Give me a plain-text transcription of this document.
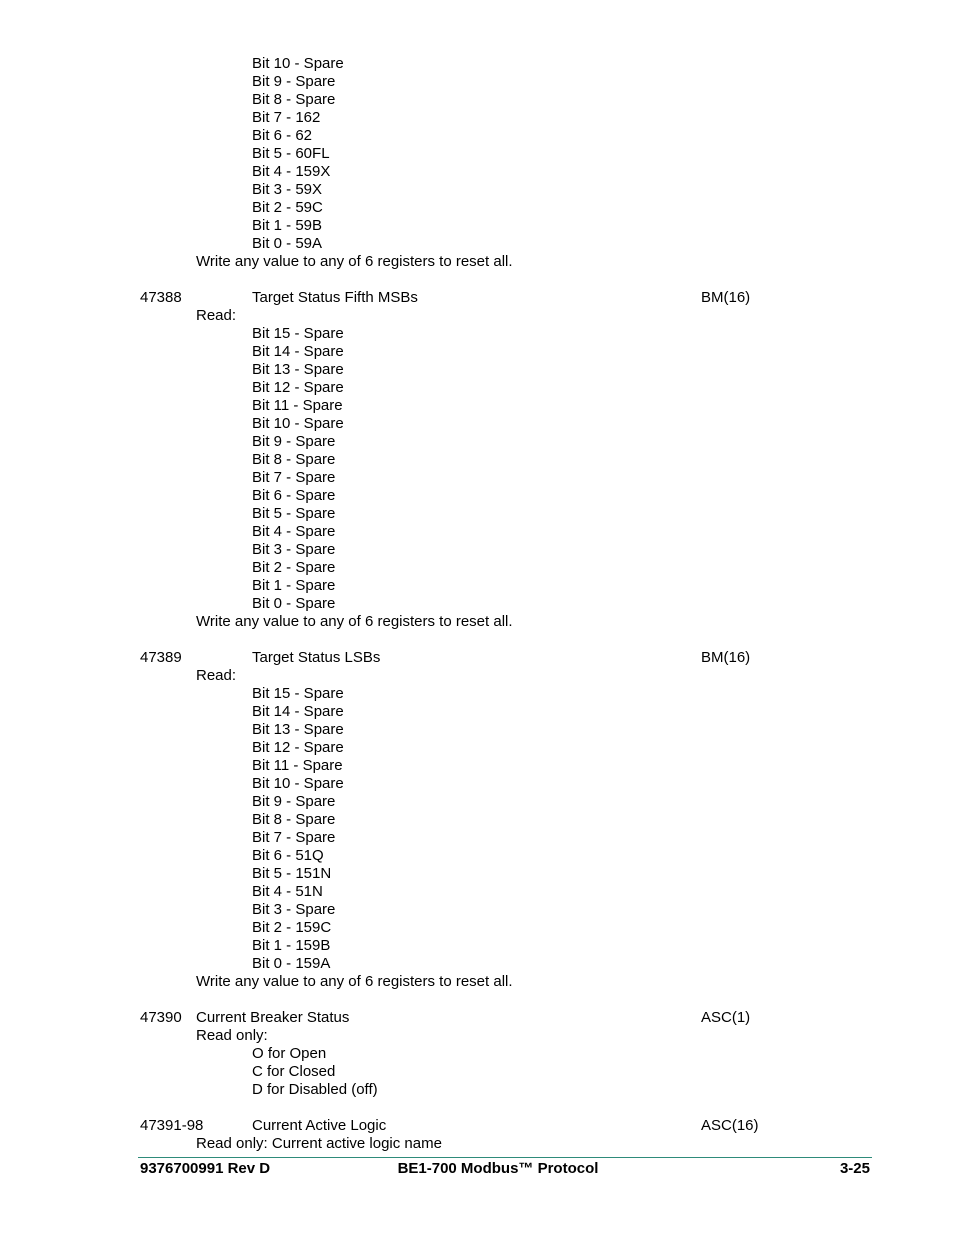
Bit 10 - Spare
Bit 9 - Spare
Bit 8 - Spare
Bit 7 - 162
Bit 6 - 62
Bit 5 - 60FL
Bit 4 - 159X
Bit 3 - 59X
Bit 2 - 59C
Bit 1 - 59B
Bit 0 - 59A
Write any value to any of 6 registers to reset all.
47388	Target Status Fifth MSBs	BM(16)
Read:
Bit 15 - Spare
Bit 14 - Spare
Bit 13 - Spare
Bit 12 - Spare
Bit 11 - Spare
Bit 10 - Spare
Bit 9 - Spare
Bit 8 - Spare
Bit 7 - Spare
Bit 6 - Spare
Bit 5 - Spare
Bit 4 - Spare
Bit 3 - Spare
Bit 2 - Spare
Bit 1 - Spare
Bit 0 - Spare
Write any value to any of 6 registers to reset all.
47389	Target Status LSBs	BM(16)
Read:
Bit 15 - Spare
Bit 14 - Spare
Bit 13 - Spare
Bit 12 - Spare
Bit 11 - Spare
Bit 10 - Spare
Bit 9 - Spare
Bit 8 - Spare
Bit 7 - Spare
Bit 6 - 51Q
Bit 5 - 151N
Bit 4 - 51N
Bit 3 - Spare
Bit 2 - 159C
Bit 1 - 159B
Bit 0 - 159A
Write any value to any of 6 registers to reset all.
47390 Current Breaker Status	ASC(1)
Read only:
O for Open
C for Closed
D for Disabled (off)
47391-98	Current Active Logic	ASC(16)
Read only: Current active logic name
9376700991 Rev D	BE1-700 Modbus™ Protocol	3-25
